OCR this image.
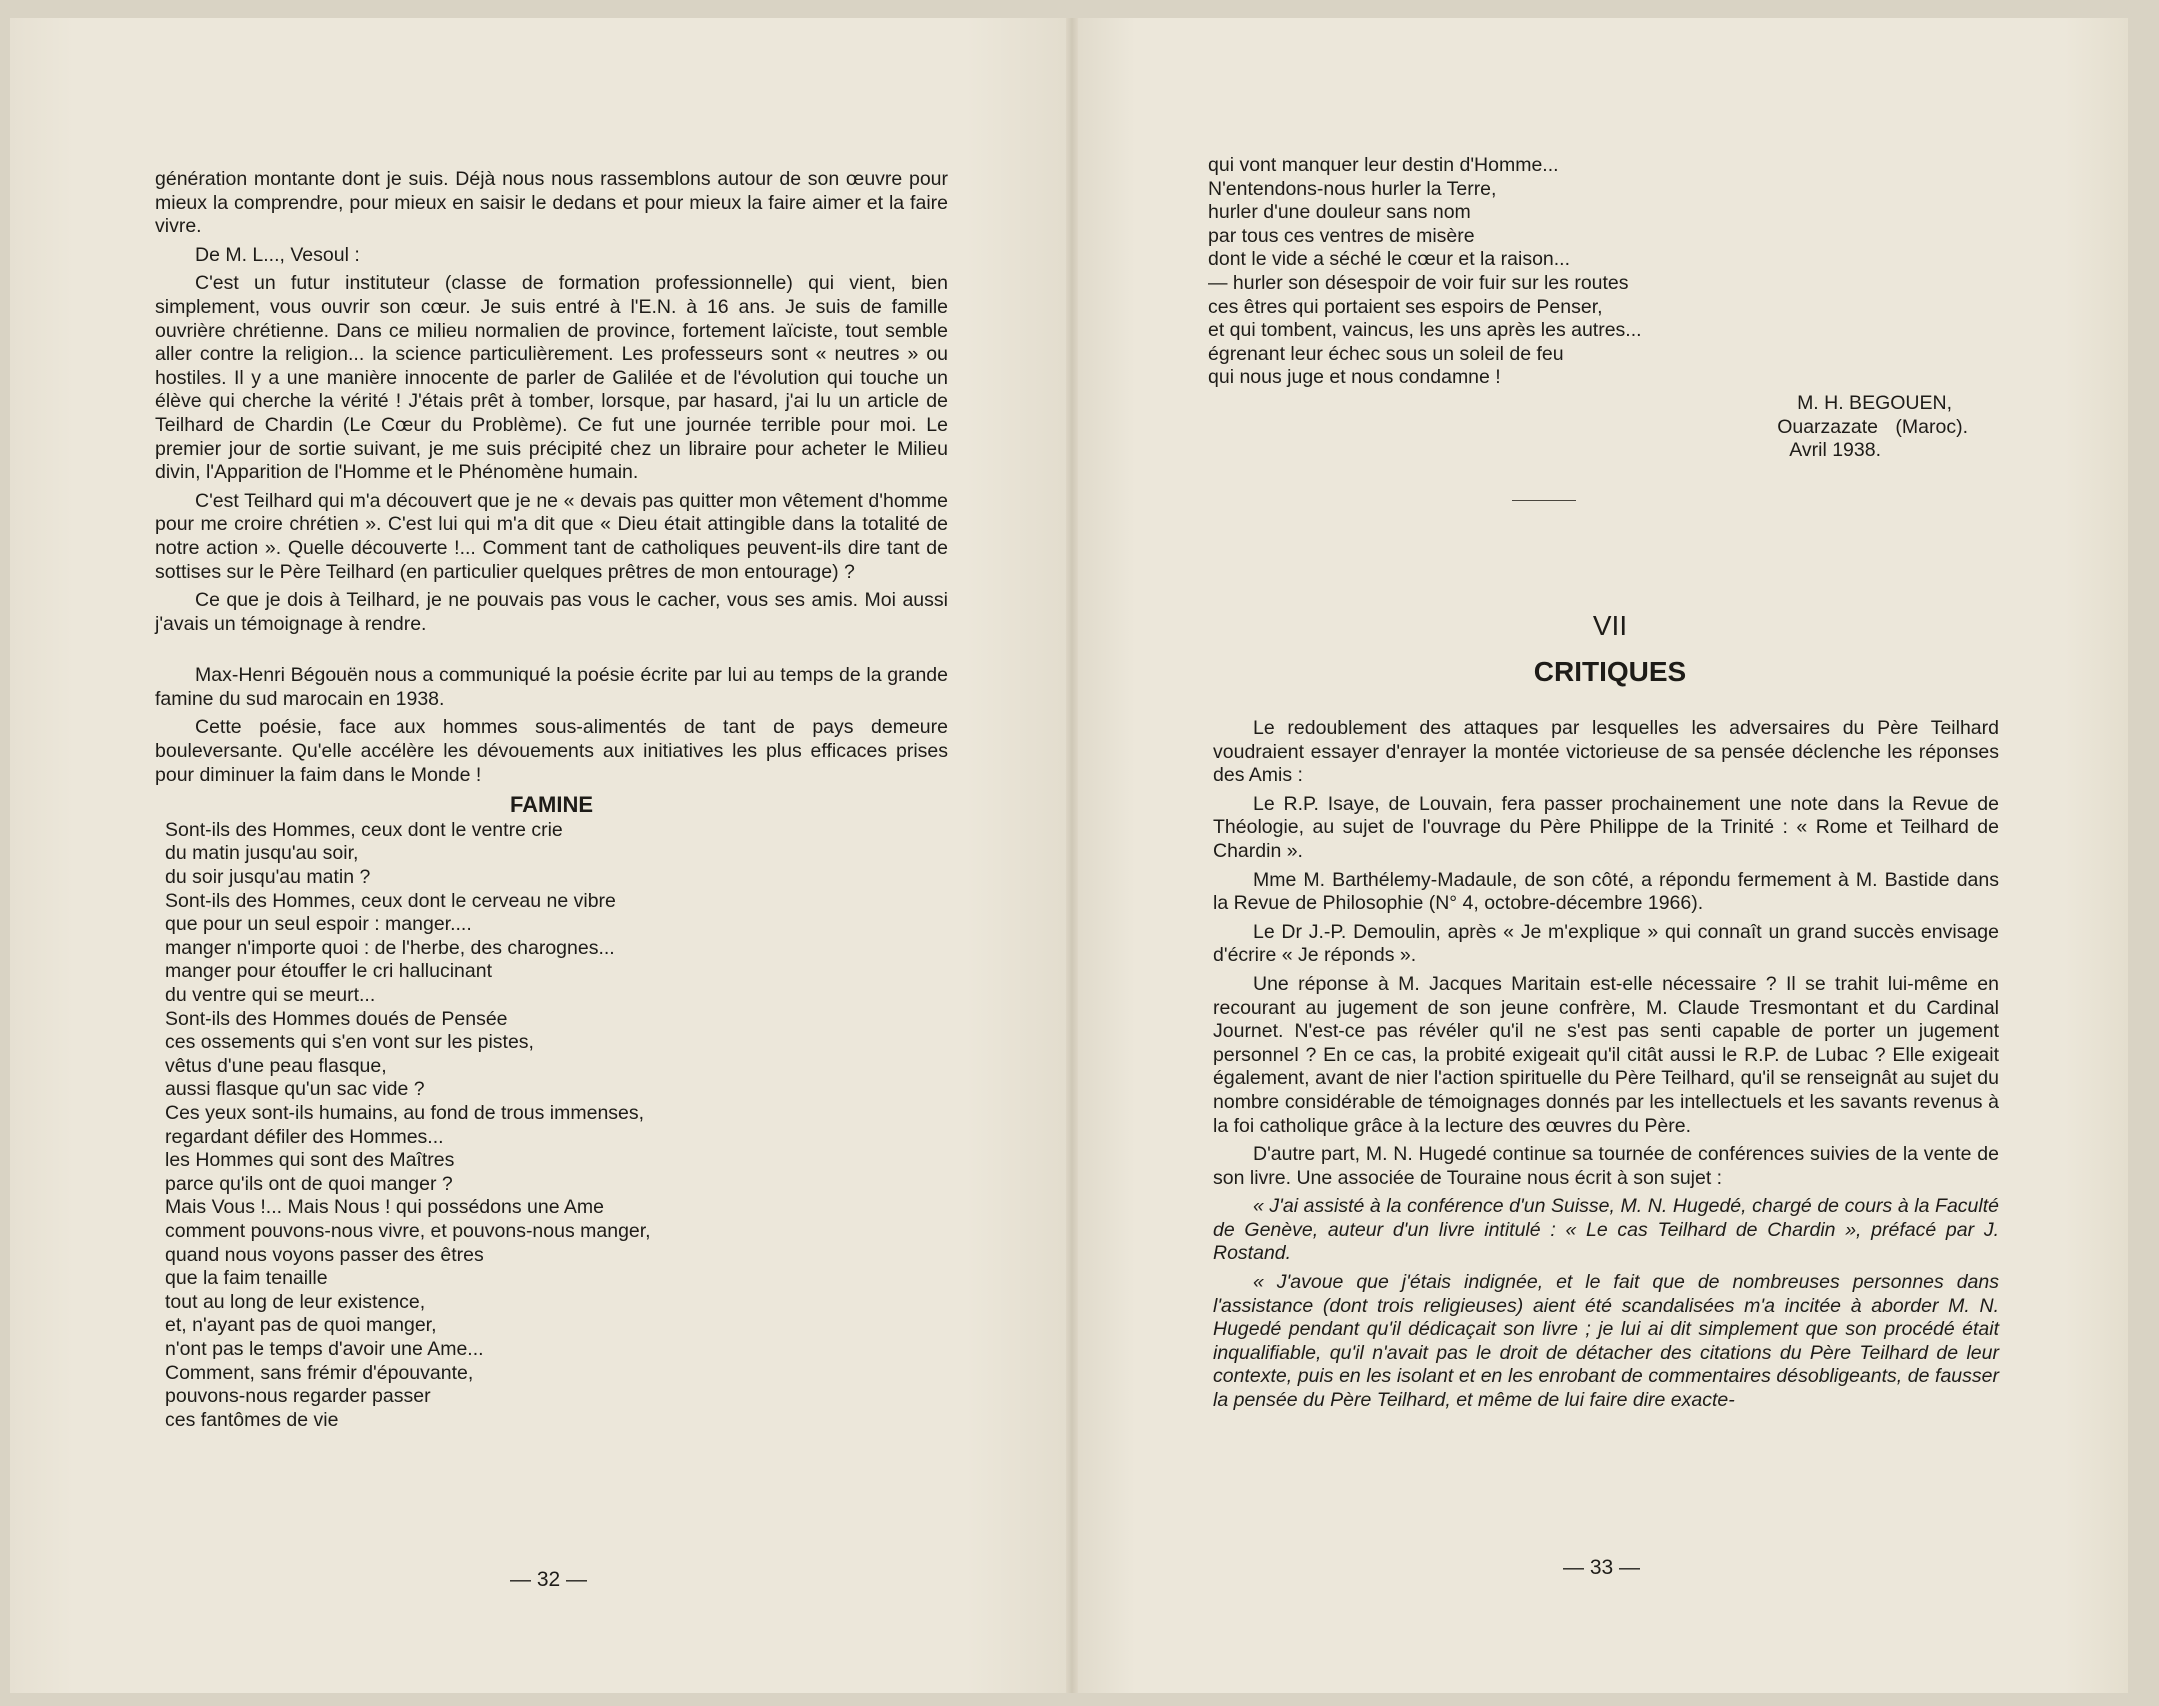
génération montante dont je suis. Déjà nous nous rassemblons autour de son œuvre pour mieux la comprendre, pour mieux en saisir le dedans et pour mieux la faire aimer et la faire vivre.

De M. L..., Vesoul :

C'est un futur instituteur (classe de formation professionnelle) qui vient, bien simplement, vous ouvrir son cœur. Je suis entré à l'E.N. à 16 ans. Je suis de famille ouvrière chrétienne. Dans ce milieu normalien de province, fortement laïciste, tout semble aller contre la religion... la science particulièrement. Les professeurs sont « neutres » ou hostiles. Il y a une manière innocente de parler de Galilée et de l'évolution qui touche un élève qui cherche la vérité ! J'étais prêt à tomber, lorsque, par hasard, j'ai lu un article de Teilhard de Chardin (Le Cœur du Problème). Ce fut une journée terrible pour moi. Le premier jour de sortie suivant, je me suis précipité chez un libraire pour acheter le Milieu divin, l'Apparition de l'Homme et le Phénomène humain.

C'est Teilhard qui m'a découvert que je ne « devais pas quitter mon vêtement d'homme pour me croire chrétien ». C'est lui qui m'a dit que « Dieu était attingible dans la totalité de notre action ». Quelle découverte !... Comment tant de catholiques peuvent-ils dire tant de sottises sur le Père Teilhard (en particulier quelques prêtres de mon entourage) ?

Ce que je dois à Teilhard, je ne pouvais pas vous le cacher, vous ses amis. Moi aussi j'avais un témoignage à rendre.

Max-Henri Bégouën nous a communiqué la poésie écrite par lui au temps de la grande famine du sud marocain en 1938.

Cette poésie, face aux hommes sous-alimentés de tant de pays demeure bouleversante. Qu'elle accélère les dévouements aux initiatives les plus efficaces prises pour diminuer la faim dans le Monde !

FAMINE
Sont-ils des Hommes, ceux dont le ventre crie
du matin jusqu'au soir,
du soir jusqu'au matin ?
Sont-ils des Hommes, ceux dont le cerveau ne vibre
que pour un seul espoir : manger....
manger n'importe quoi : de l'herbe, des charognes...
manger pour étouffer le cri hallucinant
du ventre qui se meurt...
Sont-ils des Hommes doués de Pensée
ces ossements qui s'en vont sur les pistes,
vêtus d'une peau flasque,
aussi flasque qu'un sac vide ?
Ces yeux sont-ils humains, au fond de trous immenses,
regardant défiler des Hommes...
les Hommes qui sont des Maîtres
parce qu'ils ont de quoi manger ?
Mais Vous !... Mais Nous ! qui possédons une Ame
comment pouvons-nous vivre, et pouvons-nous manger,
quand nous voyons passer des êtres
que la faim tenaille
tout au long de leur existence,
et, n'ayant pas de quoi manger,
n'ont pas le temps d'avoir une Ame...
Comment, sans frémir d'épouvante,
pouvons-nous regarder passer
ces fantômes de vie
— 32 —
qui vont manquer leur destin d'Homme...
N'entendons-nous hurler la Terre,
hurler d'une douleur sans nom
par tous ces ventres de misère
dont le vide a séché le cœur et la raison...
— hurler son désespoir de voir fuir sur les routes
ces êtres qui portaient ses espoirs de Penser,
et qui tombent, vaincus, les uns après les autres...
égrenant leur échec sous un soleil de feu
qui nous juge et nous condamne !
M. H. BEGOUEN,
Ouarzazate (Maroc).
Avril 1938.
VII
CRITIQUES

Le redoublement des attaques par lesquelles les adversaires du Père Teilhard voudraient essayer d'enrayer la montée victorieuse de sa pensée déclenche les réponses des Amis :

Le R.P. Isaye, de Louvain, fera passer prochainement une note dans la Revue de Théologie, au sujet de l'ouvrage du Père Philippe de la Trinité : « Rome et Teilhard de Chardin ».

Mme M. Barthélemy-Madaule, de son côté, a répondu fermement à M. Bastide dans la Revue de Philosophie (N° 4, octobre-décembre 1966).

Le Dr J.-P. Demoulin, après « Je m'explique » qui connaît un grand succès envisage d'écrire « Je réponds ».

Une réponse à M. Jacques Maritain est-elle nécessaire ? Il se trahit lui-même en recourant au jugement de son jeune confrère, M. Claude Tresmontant et du Cardinal Journet. N'est-ce pas révéler qu'il ne s'est pas senti capable de porter un jugement personnel ? En ce cas, la probité exigeait qu'il citât aussi le R.P. de Lubac ? Elle exigeait également, avant de nier l'action spirituelle du Père Teilhard, qu'il se renseignât au sujet du nombre considérable de témoignages donnés par les intellectuels et les savants revenus à la foi catholique grâce à la lecture des œuvres du Père.

D'autre part, M. N. Hugedé continue sa tournée de conférences suivies de la vente de son livre. Une associée de Touraine nous écrit à son sujet :

« J'ai assisté à la conférence d'un Suisse, M. N. Hugedé, chargé de cours à la Faculté de Genève, auteur d'un livre intitulé : « Le cas Teilhard de Chardin », préfacé par J. Rostand.

« J'avoue que j'étais indignée, et le fait que de nombreuses personnes dans l'assistance (dont trois religieuses) aient été scandalisées m'a incitée à aborder M. N. Hugedé pendant qu'il dédicaçait son livre ; je lui ai dit simplement que son procédé était inqualifiable, qu'il n'avait pas le droit de détacher des citations du Père Teilhard de leur contexte, puis en les isolant et en les enrobant de commentaires désobligeants, de fausser la pensée du Père Teilhard, et même de lui faire dire exacte-

— 33 —
